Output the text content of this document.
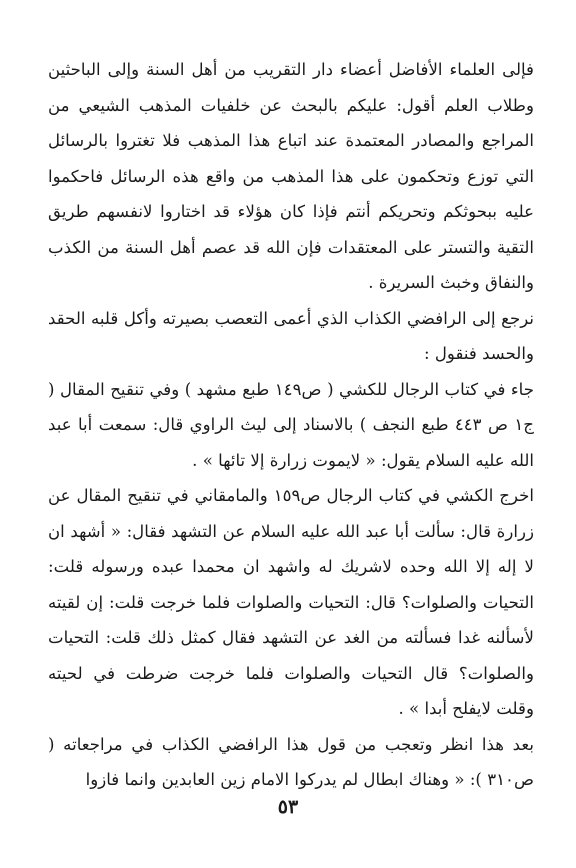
فإلى العلماء الأفاضل أعضاء دار التقريب من أهل السنة وإلى الباحثين وطلاب العلم أقول: عليكم بالبحث عن خلفيات المذهب الشيعي من المراجع والمصادر المعتمدة عند اتباع هذا المذهب فلا تغتروا بالرسائل التي توزع وتحكمون على هذا المذهب من واقع هذه الرسائل فاحكموا عليه ببحوثكم وتحريكم أنتم فإذا كان هؤلاء قد اختاروا لانفسهم طريق التقية والتستر على المعتقدات فإن الله قد عصم أهل السنة من الكذب والنفاق وخبث السريرة .

نرجع إلى الرافضي الكذاب الذي أعمى التعصب بصيرته وأكل قلبه الحقد والحسد فنقول :

جاء في كتاب الرجال للكشي ( ص١٤٩ طبع مشهد ) وفي تنقيح المقال ( ج١ ص ٤٤٣ طبع النجف ) بالاسناد إلى ليث الراوي قال: سمعت أبا عبد الله عليه السلام يقول: « لايموت زرارة إلا تائها » .

اخرج الكشي في كتاب الرجال ص١٥٩ والمامقاني في تنقيح المقال عن زرارة قال: سألت أبا عبد الله عليه السلام عن التشهد فقال: « أشهد ان لا إله إلا الله وحده لاشريك له واشهد ان محمدا عبده ورسوله قلت: التحيات والصلوات؟ قال: التحيات والصلوات فلما خرجت قلت: إن لقيته لأسألنه غدا فسألته من الغد عن التشهد فقال كمثل ذلك قلت: التحيات والصلوات؟ قال التحيات والصلوات فلما خرجت ضرطت في لحيته وقلت لايفلح أبدا » .

بعد هذا انظر وتعجب من قول هذا الرافضي الكذاب في مراجعاته ( ص٣١٠ ): « وهناك ابطال لم يدركوا الامام زين العابدين وانما فازوا

٥٣
